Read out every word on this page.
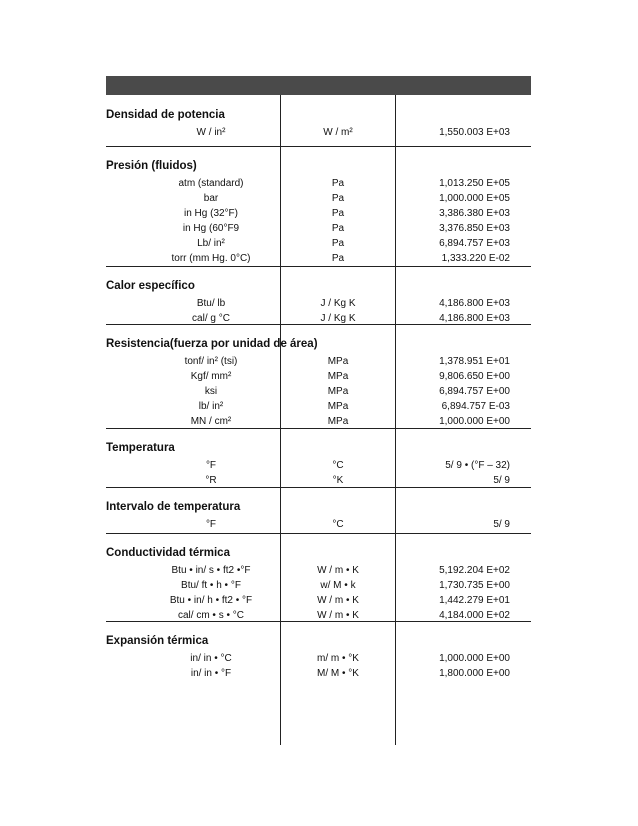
Densidad de potencia
W / in²	W / m²	1,550.003 E+03
Presión (fluidos)
atm (standard)	Pa	1,013.250 E+05
bar	Pa	1,000.000 E+05
in Hg (32°F)	Pa	3,386.380 E+03
in Hg (60°F9	Pa	3,376.850 E+03
Lb/ in²	Pa	6,894.757 E+03
torr (mm Hg. 0°C)	Pa	1,333.220 E-02
Calor específico
Btu/ lb	J / Kg K	4,186.800 E+03
cal/ g °C	J / Kg K	4,186.800 E+03
Resistencia(fuerza por unidad de área)
tonf/ in² (tsi)	MPa	1,378.951 E+01
Kgf/ mm²	MPa	9,806.650 E+00
ksi	MPa	6,894.757 E+00
lb/ in²	MPa	6,894.757 E-03
MN / cm²	MPa	1,000.000 E+00
Temperatura
°F	°C	5/ 9 • (°F – 32)
°R	°K	5/ 9
Intervalo de temperatura
°F	°C	5/ 9
Conductividad térmica
Btu • in/ s • ft2 •°F	W / m • K	5,192.204 E+02
Btu/ ft • h • °F	w/ M • k	1,730.735 E+00
Btu • in/ h • ft2 • °F	W / m • K	1,442.279 E+01
cal/ cm • s • °C	W / m • K	4,184.000 E+02
Expansión térmica
in/ in • °C	m/ m • °K	1,000.000 E+00
in/ in • °F	M/ M • °K	1,800.000 E+00
